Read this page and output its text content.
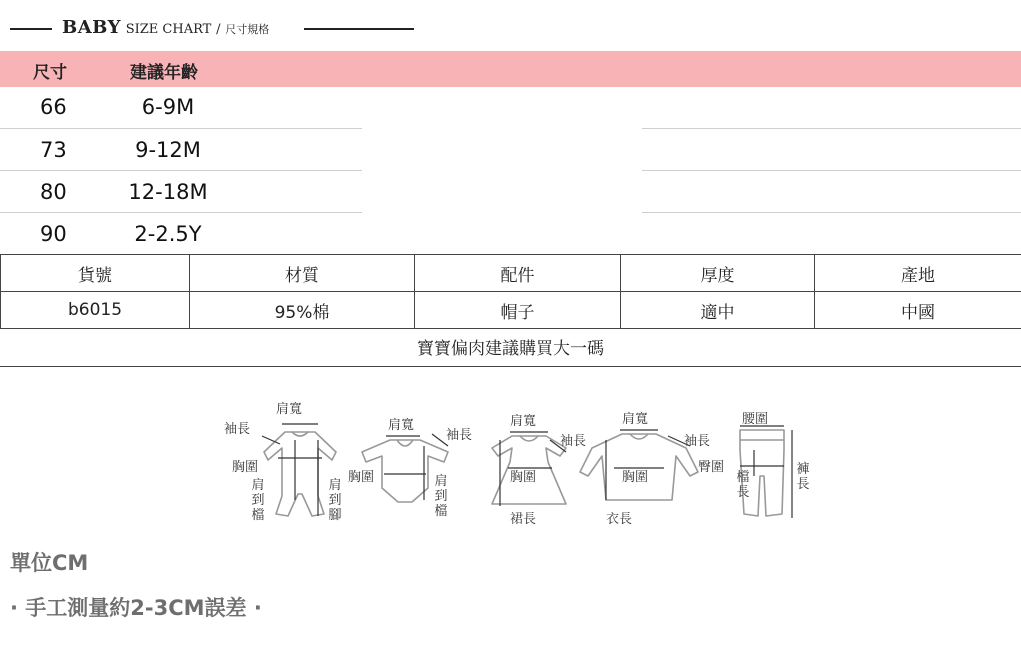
BABY SIZE CHART / 尺寸規格
尺寸	建議年齡
66	6-9M
73	9-12M
80	12-18M
90	2-2.5Y
貨號	材質	配件	厚度	產地
b6015	95%棉	帽子	適中	中國
寶寶偏肉建議購買大一碼
肩寬
袖長
胸圍
肩到檔
肩到腳
肩寬
袖長
胸圍	肩到檔
肩寬
袖長
胸圍
裙長
肩寬
袖長
胸圍
衣長
腰圍
臀圍
檔長
褲長
單位CM
· 手工測量約2-3CM誤差 ·
